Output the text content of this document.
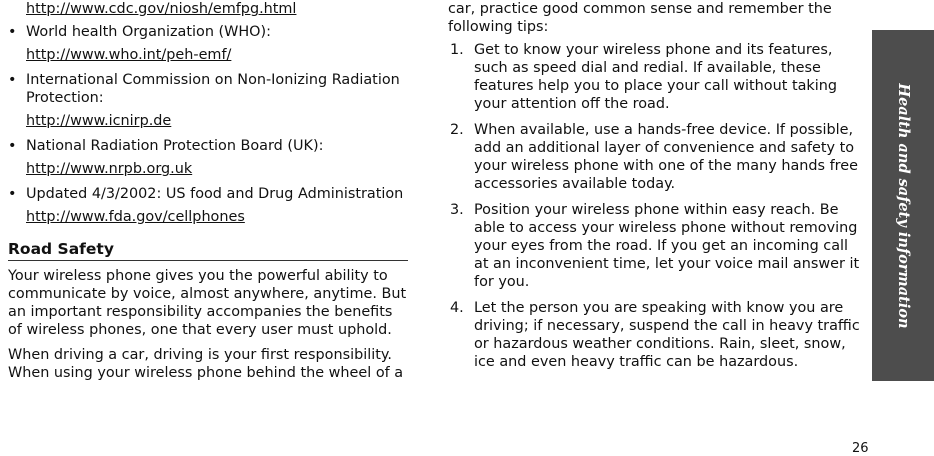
http://www.cdc.gov/niosh/emfpg.html
• World health Organization (WHO):
http://www.who.int/peh-emf/
• International Commission on Non-Ionizing Radiation Protection:
http://www.icnirp.de
• National Radiation Protection Board (UK):
http://www.nrpb.org.uk
• Updated 4/3/2002: US food and Drug Administration
http://www.fda.gov/cellphones
Road Safety

Your wireless phone gives you the powerful ability to communicate by voice, almost anywhere, anytime. But an important responsibility accompanies the benefits of wireless phones, one that every user must uphold.

When driving a car, driving is your first responsibility. When using your wireless phone behind the wheel of a

car, practice good common sense and remember the following tips:

1. Get to know your wireless phone and its features, such as speed dial and redial. If available, these features help you to place your call without taking your attention off the road.
2. When available, use a hands-free device. If possible, add an additional layer of convenience and safety to your wireless phone with one of the many hands free accessories available today.
3. Position your wireless phone within easy reach. Be able to access your wireless phone without removing your eyes from the road. If you get an incoming call at an inconvenient time, let your voice mail answer it for you.
4. Let the person you are speaking with know you are driving; if necessary, suspend the call in heavy traffic or hazardous weather conditions. Rain, sleet, snow, ice and even heavy traffic can be hazardous.
Health and safety information
26
